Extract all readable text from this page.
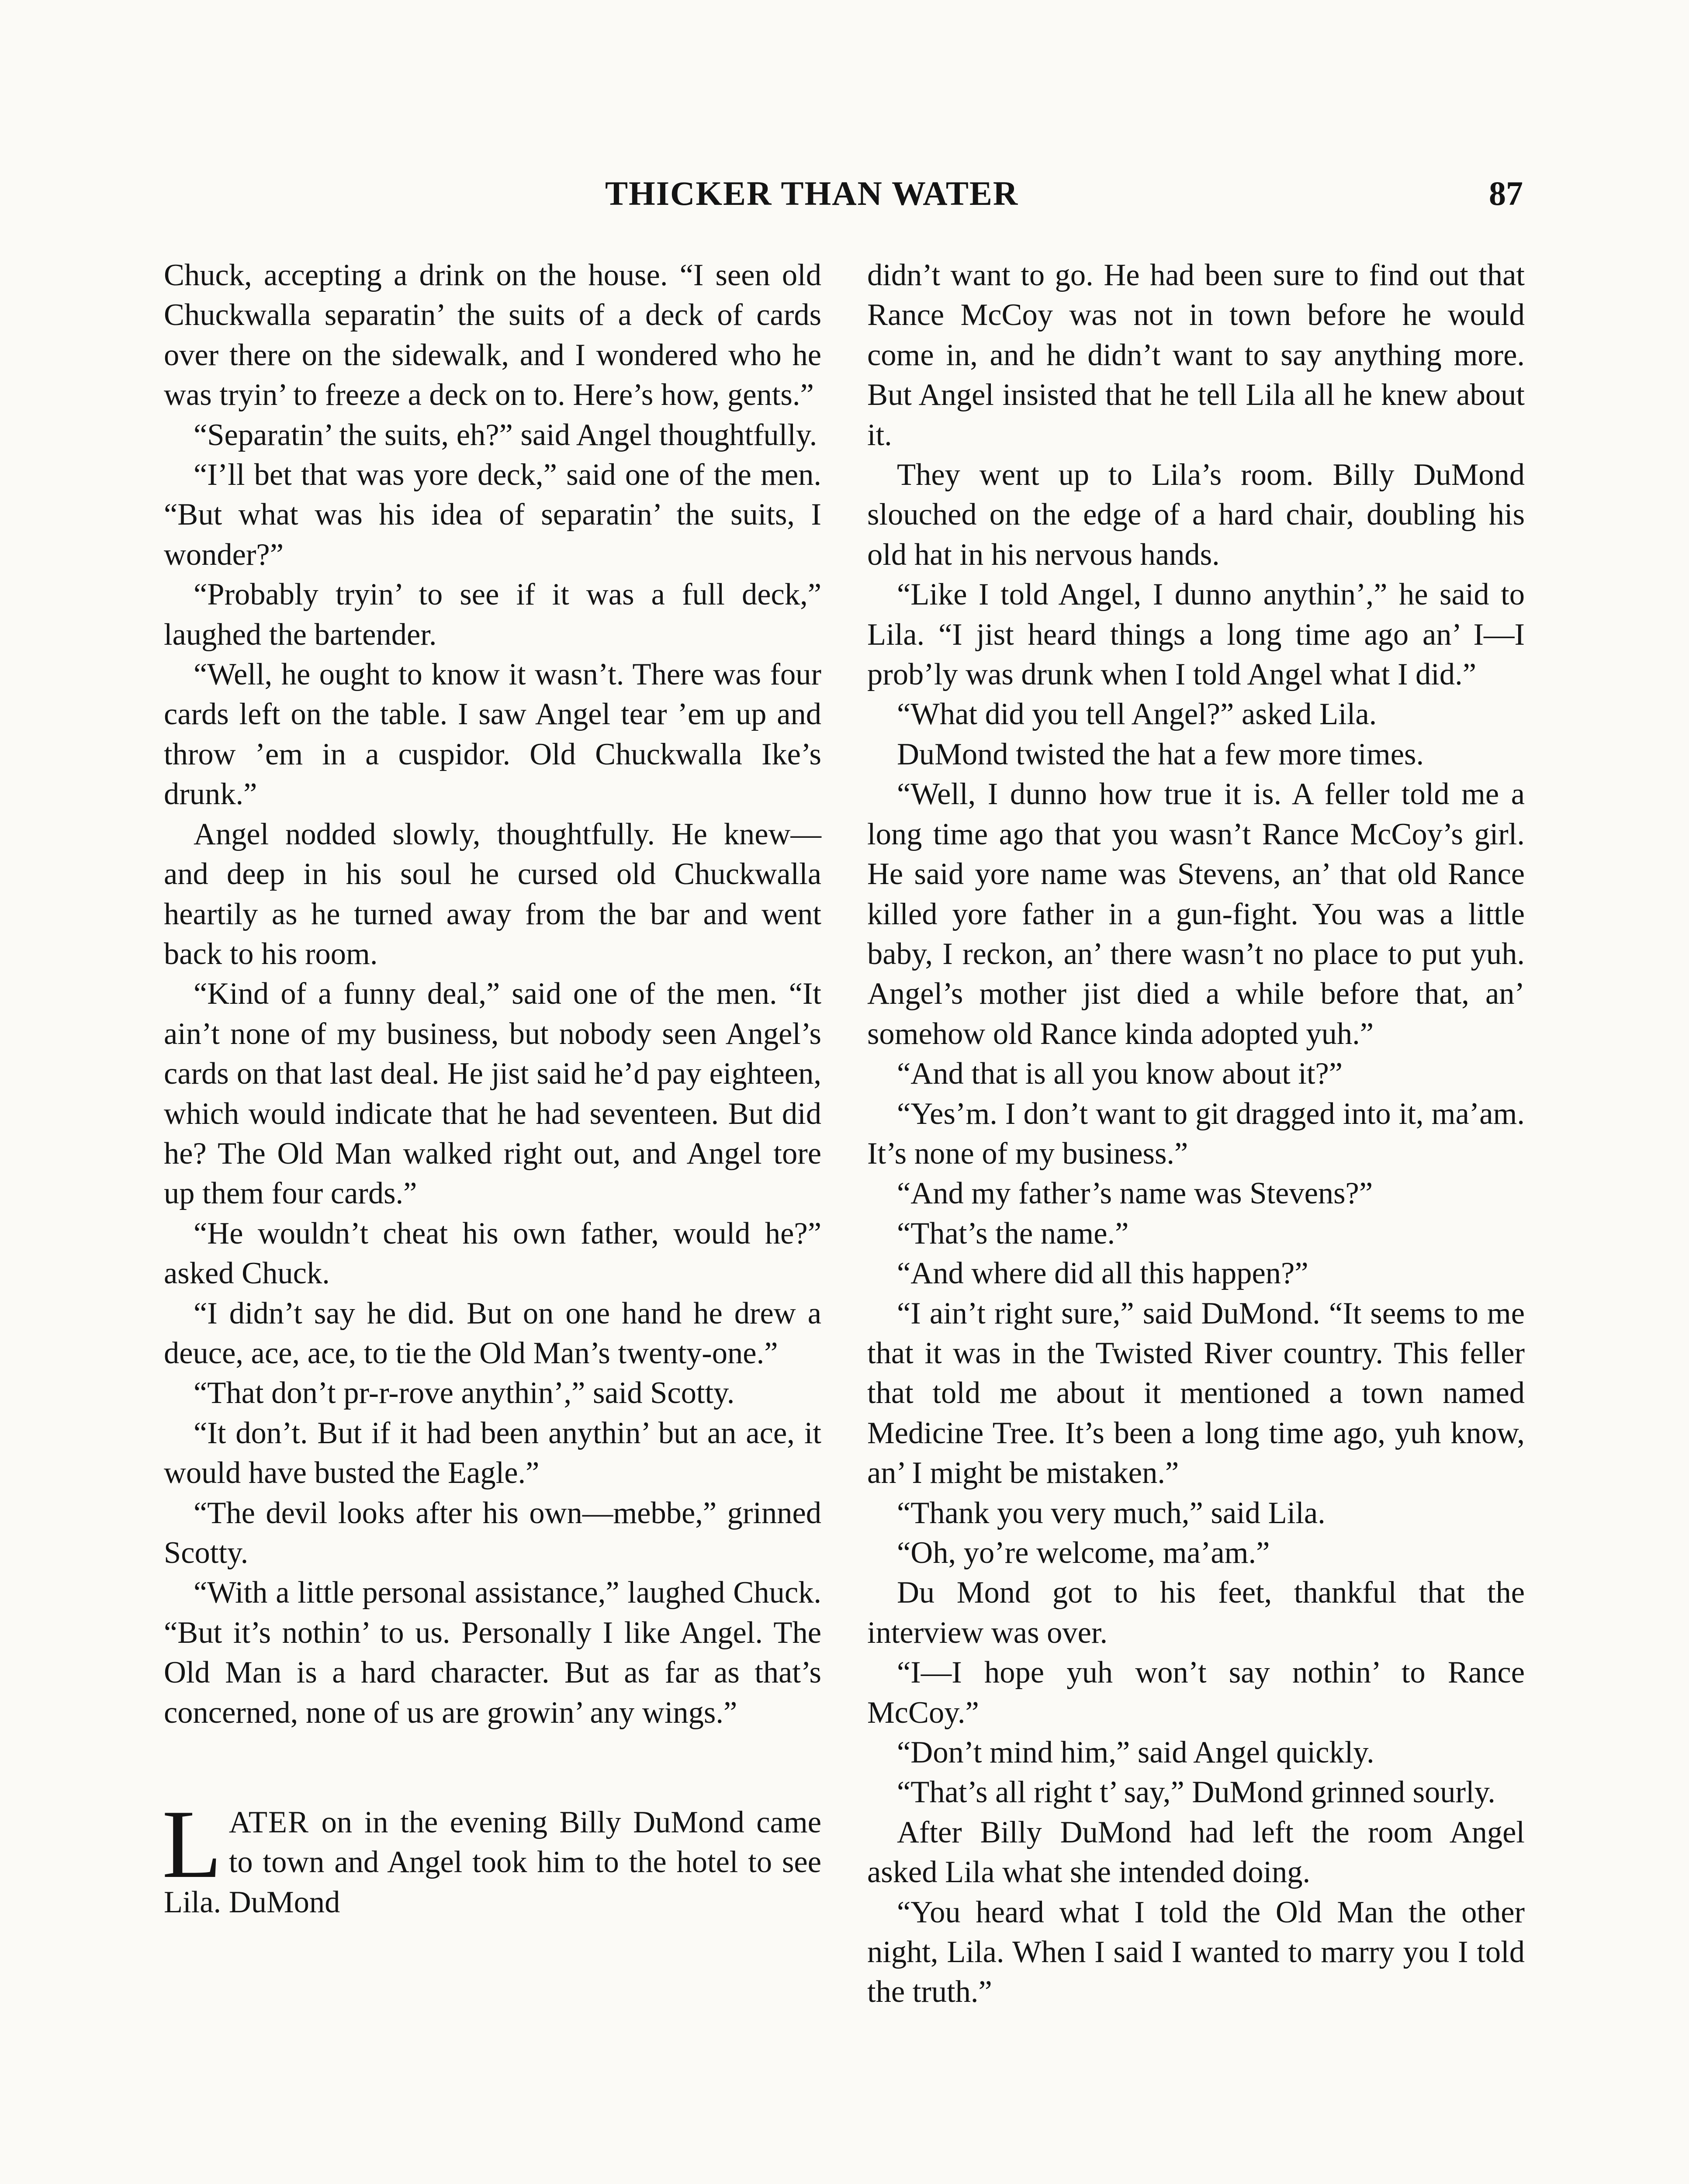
THICKER THAN WATER	87

Chuck, accepting a drink on the house. “I seen old Chuckwalla separatin’ the suits of a deck of cards over there on the sidewalk, and I wondered who he was tryin’ to freeze a deck on to. Here’s how, gents.”

“Separatin’ the suits, eh?” said Angel thoughtfully.

“I’ll bet that was yore deck,” said one of the men. “But what was his idea of separatin’ the suits, I wonder?”

“Probably tryin’ to see if it was a full deck,” laughed the bartender.

“Well, he ought to know it wasn’t. There was four cards left on the table. I saw Angel tear ’em up and throw ’em in a cuspidor. Old Chuckwalla Ike’s drunk.”

Angel nodded slowly, thoughtfully. He knew—and deep in his soul he cursed old Chuckwalla heartily as he turned away from the bar and went back to his room.

“Kind of a funny deal,” said one of the men. “It ain’t none of my business, but nobody seen Angel’s cards on that last deal. He jist said he’d pay eighteen, which would indicate that he had seventeen. But did he? The Old Man walked right out, and Angel tore up them four cards.”

“He wouldn’t cheat his own father, would he?” asked Chuck.

“I didn’t say he did. But on one hand he drew a deuce, ace, ace, to tie the Old Man’s twenty-one.”

“That don’t pr-r-rove anythin’,” said Scotty.

“It don’t. But if it had been anythin’ but an ace, it would have busted the Eagle.”

“The devil looks after his own—mebbe,” grinned Scotty.

“With a little personal assistance,” laughed Chuck. “But it’s nothin’ to us. Personally I like Angel. The Old Man is a hard character. But as far as that’s concerned, none of us are growin’ any wings.”

LATER on in the evening Billy DuMond came to town and Angel took him to the hotel to see Lila. DuMond

didn’t want to go. He had been sure to find out that Rance McCoy was not in town before he would come in, and he didn’t want to say anything more. But Angel insisted that he tell Lila all he knew about it.

They went up to Lila’s room. Billy DuMond slouched on the edge of a hard chair, doubling his old hat in his nervous hands.

“Like I told Angel, I dunno anythin’,” he said to Lila. “I jist heard things a long time ago an’ I—I prob’ly was drunk when I told Angel what I did.”

“What did you tell Angel?” asked Lila.

DuMond twisted the hat a few more times.

“Well, I dunno how true it is. A feller told me a long time ago that you wasn’t Rance McCoy’s girl. He said yore name was Stevens, an’ that old Rance killed yore father in a gun-fight. You was a little baby, I reckon, an’ there wasn’t no place to put yuh. Angel’s mother jist died a while before that, an’ somehow old Rance kinda adopted yuh.”

“And that is all you know about it?”

“Yes’m. I don’t want to git dragged into it, ma’am. It’s none of my business.”

“And my father’s name was Stevens?”

“That’s the name.”

“And where did all this happen?”

“I ain’t right sure,” said DuMond. “It seems to me that it was in the Twisted River country. This feller that told me about it mentioned a town named Medicine Tree. It’s been a long time ago, yuh know, an’ I might be mistaken.”

“Thank you very much,” said Lila.

“Oh, yo’re welcome, ma’am.”

Du Mond got to his feet, thankful that the interview was over.

“I—I hope yuh won’t say nothin’ to Rance McCoy.”

“Don’t mind him,” said Angel quickly.

“That’s all right t’ say,” DuMond grinned sourly.

After Billy DuMond had left the room Angel asked Lila what she intended doing.

“You heard what I told the Old Man the other night, Lila. When I said I wanted to marry you I told the truth.”
